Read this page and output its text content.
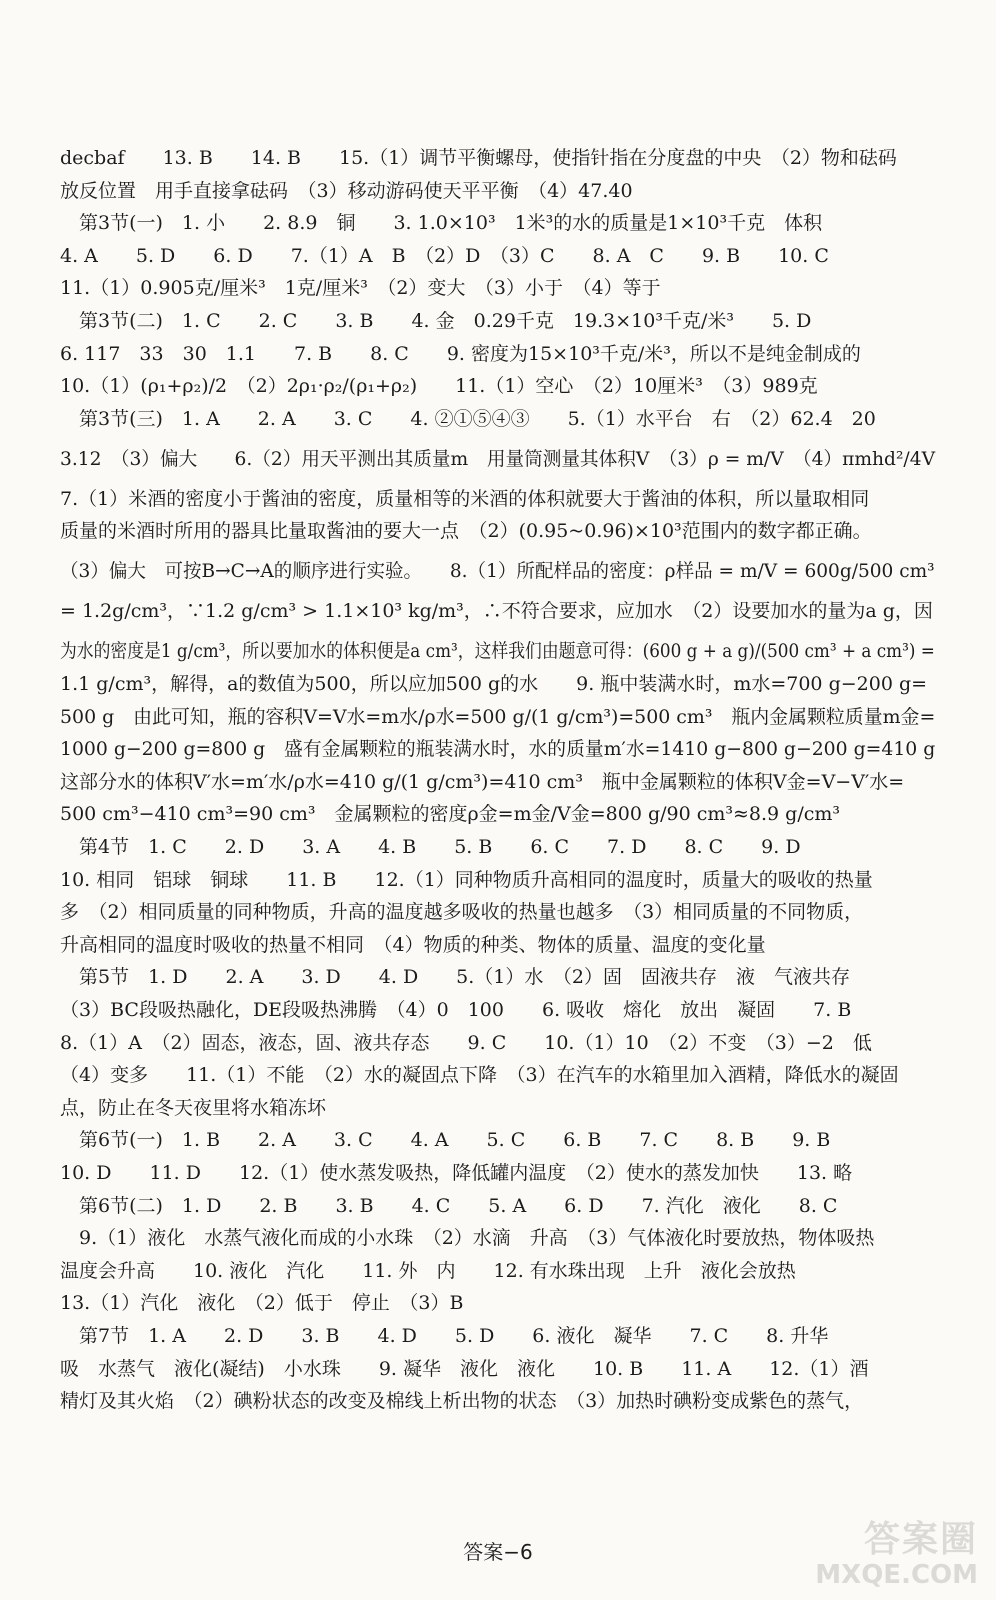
decbaf　　13. B　　14. B　　15.（1）调节平衡螺母，使指针指在分度盘的中央　（2）物和砝码
放反位置　用手直接拿砝码　（3）移动游码使天平平衡　（4）47.40
　第3节(一)　1. 小　　2. 8.9　铜　　3. 1.0×10³　1米³的水的质量是1×10³千克　体积
4. A　　5. D　　6. D　　7.（1）A　B　（2）D　（3）C　　8. A　C　　9. B　　10. C
11.（1）0.905克/厘米³　1克/厘米³　（2）变大　（3）小于　（4）等于
　第3节(二)　1. C　　2. C　　3. B　　4. 金　0.29千克　19.3×10³千克/米³　　5. D
6. 117　33　30　1.1　　7. B　　8. C　　9. 密度为15×10³千克/米³，所以不是纯金制成的
10.（1）(ρ₁+ρ₂)/2　（2）2ρ₁·ρ₂/(ρ₁+ρ₂)　　11.（1）空心　（2）10厘米³　（3）989克
　第3节(三)　1. A　　2. A　　3. C　　4. ②①⑤④③　　5.（1）水平台　右　（2）62.4　20
3.12　（3）偏大　　6.（2）用天平测出其质量m　用量筒测量其体积V　（3）ρ = m/V　（4）πmhd²/4V
7.（1）米酒的密度小于酱油的密度，质量相等的米酒的体积就要大于酱油的体积，所以量取相同
质量的米酒时所用的器具比量取酱油的要大一点　（2）(0.95~0.96)×10³范围内的数字都正确。
（3）偏大　可按B→C→A的顺序进行实验。　　8.（1）所配样品的密度：ρ样品 = m/V = 600g/500 cm³
= 1.2g/cm³，∵1.2 g/cm³ > 1.1×10³ kg/m³，∴不符合要求，应加水　（2）设要加水的量为a g，因
为水的密度是1 g/cm³，所以要加水的体积便是a cm³，这样我们由题意可得：(600 g + a g)/(500 cm³ + a cm³) =
1.1 g/cm³，解得，a的数值为500，所以应加500 g的水　　9. 瓶中装满水时，m水=700 g−200 g=
500 g　由此可知，瓶的容积V=V水=m水/ρ水=500 g/(1 g/cm³)=500 cm³　瓶内金属颗粒质量m金=
1000 g−200 g=800 g　盛有金属颗粒的瓶装满水时，水的质量m′水=1410 g−800 g−200 g=410 g
这部分水的体积V′水=m′水/ρ水=410 g/(1 g/cm³)=410 cm³　瓶中金属颗粒的体积V金=V−V′水=
500 cm³−410 cm³=90 cm³　金属颗粒的密度ρ金=m金/V金=800 g/90 cm³≈8.9 g/cm³
　第4节　1. C　　2. D　　3. A　　4. B　　5. B　　6. C　　7. D　　8. C　　9. D
10. 相同　铝球　铜球　　11. B　　12.（1）同种物质升高相同的温度时，质量大的吸收的热量
多　（2）相同质量的同种物质，升高的温度越多吸收的热量也越多　（3）相同质量的不同物质，
升高相同的温度时吸收的热量不相同　（4）物质的种类、物体的质量、温度的变化量
　第5节　1. D　　2. A　　3. D　　4. D　　5.（1）水　（2）固　固液共存　液　气液共存
（3）BC段吸热融化，DE段吸热沸腾　（4）0　100　　6. 吸收　熔化　放出　凝固　　7. B
8.（1）A　（2）固态，液态，固、液共存态　　9. C　　10.（1）10　（2）不变　（3）−2　低
（4）变多　　11.（1）不能　（2）水的凝固点下降　（3）在汽车的水箱里加入酒精，降低水的凝固
点，防止在冬天夜里将水箱冻坏
　第6节(一)　1. B　　2. A　　3. C　　4. A　　5. C　　6. B　　7. C　　8. B　　9. B
10. D　　11. D　　12.（1）使水蒸发吸热，降低罐内温度　（2）使水的蒸发加快　　13. 略
　第6节(二)　1. D　　2. B　　3. B　　4. C　　5. A　　6. D　　7. 汽化　液化　　8. C
　9.（1）液化　水蒸气液化而成的小水珠　（2）水滴　升高　（3）气体液化时要放热，物体吸热
温度会升高　　10. 液化　汽化　　11. 外　内　　12. 有水珠出现　上升　液化会放热
13.（1）汽化　液化　（2）低于　停止　（3）B
　第7节　1. A　　2. D　　3. B　　4. D　　5. D　　6. 液化　凝华　　7. C　　8. 升华
吸　水蒸气　液化(凝结)　小水珠　　9. 凝华　液化　液化　　10. B　　11. A　　12.（1）酒
精灯及其火焰　（2）碘粉状态的改变及棉线上析出物的状态　（3）加热时碘粉变成紫色的蒸气，
答案−6	答案圈
MXQE.COM
